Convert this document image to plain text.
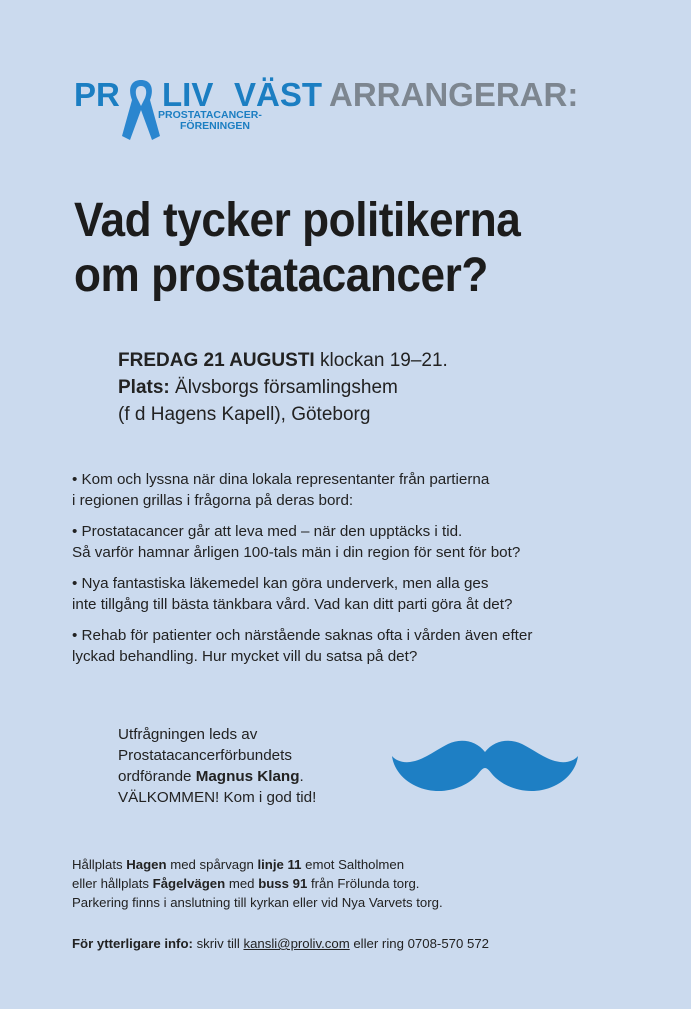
PR LIV VÄST ARRANGERAR:
PROSTATACANCER-
FÖRENINGEN
Vad tycker politikerna
om prostatacancer?
FREDAG 21 AUGUSTI klockan 19–21.
Plats: Älvsborgs församlingshem
(f d Hagens Kapell), Göteborg
• Kom och lyssna när dina lokala representanter från partierna
i regionen grillas i frågorna på deras bord:
• Prostatacancer går att leva med – när den upptäcks i tid.
Så varför hamnar årligen 100-tals män i din region för sent för bot?
• Nya fantastiska läkemedel kan göra underverk, men alla ges
inte tillgång till bästa tänkbara vård. Vad kan ditt parti göra åt det?
• Rehab för patienter och närstående saknas ofta i vården även efter
lyckad behandling. Hur mycket vill du satsa på det?
Utfrågningen leds av
Prostatacancerförbundets
ordförande Magnus Klang.
VÄLKOMMEN! Kom i god tid!
Hållplats Hagen med spårvagn linje 11 emot Saltholmen
eller hållplats Fågelvägen med buss 91 från Frölunda torg.
Parkering finns i anslutning till kyrkan eller vid Nya Varvets torg.
För ytterligare info: skriv till kansli@proliv.com eller ring 0708-570 572
